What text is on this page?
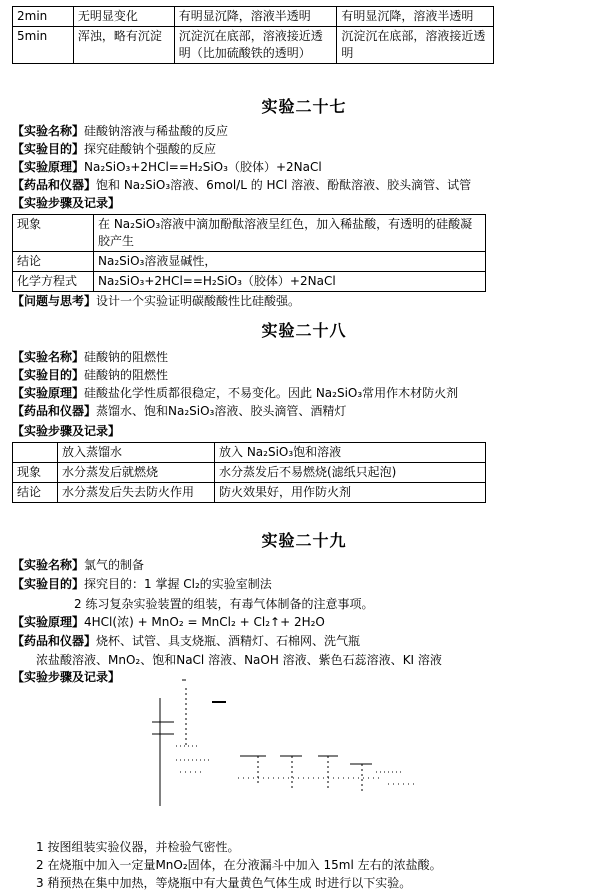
2min	无明显变化	有明显沉降，溶液半透明	有明显沉降，溶液半透明
5min	浑浊，略有沉淀	沉淀沉在底部，溶液接近透明（比加硫酸铁的透明）	沉淀沉在底部，溶液接近透明
实验二十七
【实验名称】硅酸钠溶液与稀盐酸的反应
【实验目的】探究硅酸钠个强酸的反应
【实验原理】Na₂SiO₃+2HCl==H₂SiO₃（胶体）+2NaCl
【药品和仪器】饱和 Na₂SiO₃溶液、6mol/L 的 HCl 溶液、酚酞溶液、胶头滴管、试管
【实验步骤及记录】
现象	在 Na₂SiO₃溶液中滴加酚酞溶液呈红色，加入稀盐酸，有透明的硅酸凝胶产生
结论	Na₂SiO₃溶液显碱性，
化学方程式	Na₂SiO₃+2HCl==H₂SiO₃（胶体）+2NaCl
【问题与思考】设计一个实验证明碳酸酸性比硅酸强。
实验二十八
【实验名称】硅酸钠的阻燃性
【实验目的】硅酸钠的阻燃性
【实验原理】硅酸盐化学性质都很稳定，不易变化。因此 Na₂SiO₃常用作木材防火剂
【药品和仪器】蒸馏水、饱和Na₂SiO₃溶液、胶头滴管、酒精灯
【实验步骤及记录】
	放入蒸馏水	放入 Na₂SiO₃饱和溶液
现象	水分蒸发后就燃烧	水分蒸发后不易燃烧(滤纸只起泡)
结论	水分蒸发后失去防火作用	防火效果好，用作防火剂
实验二十九
【实验名称】氯气的制备
【实验目的】探究目的：1 掌握 Cl₂的实验室制法
2 练习复杂实验装置的组装，有毒气体制备的注意事项。
【实验原理】4HCl(浓) + MnO₂ = MnCl₂ + Cl₂↑+ 2H₂O
【药品和仪器】烧杯、试管、具支烧瓶、酒精灯、石棉网、洗气瓶
浓盐酸溶液、MnO₂、饱和NaCl 溶液、NaOH 溶液、紫色石蕊溶液、KI 溶液
【实验步骤及记录】
1 按图组装实验仪器，并检验气密性。
2 在烧瓶中加入一定量MnO₂固体，在分液漏斗中加入 15ml 左右的浓盐酸。
3 稍预热在集中加热，等烧瓶中有大量黄色气体生成 时进行以下实验。
